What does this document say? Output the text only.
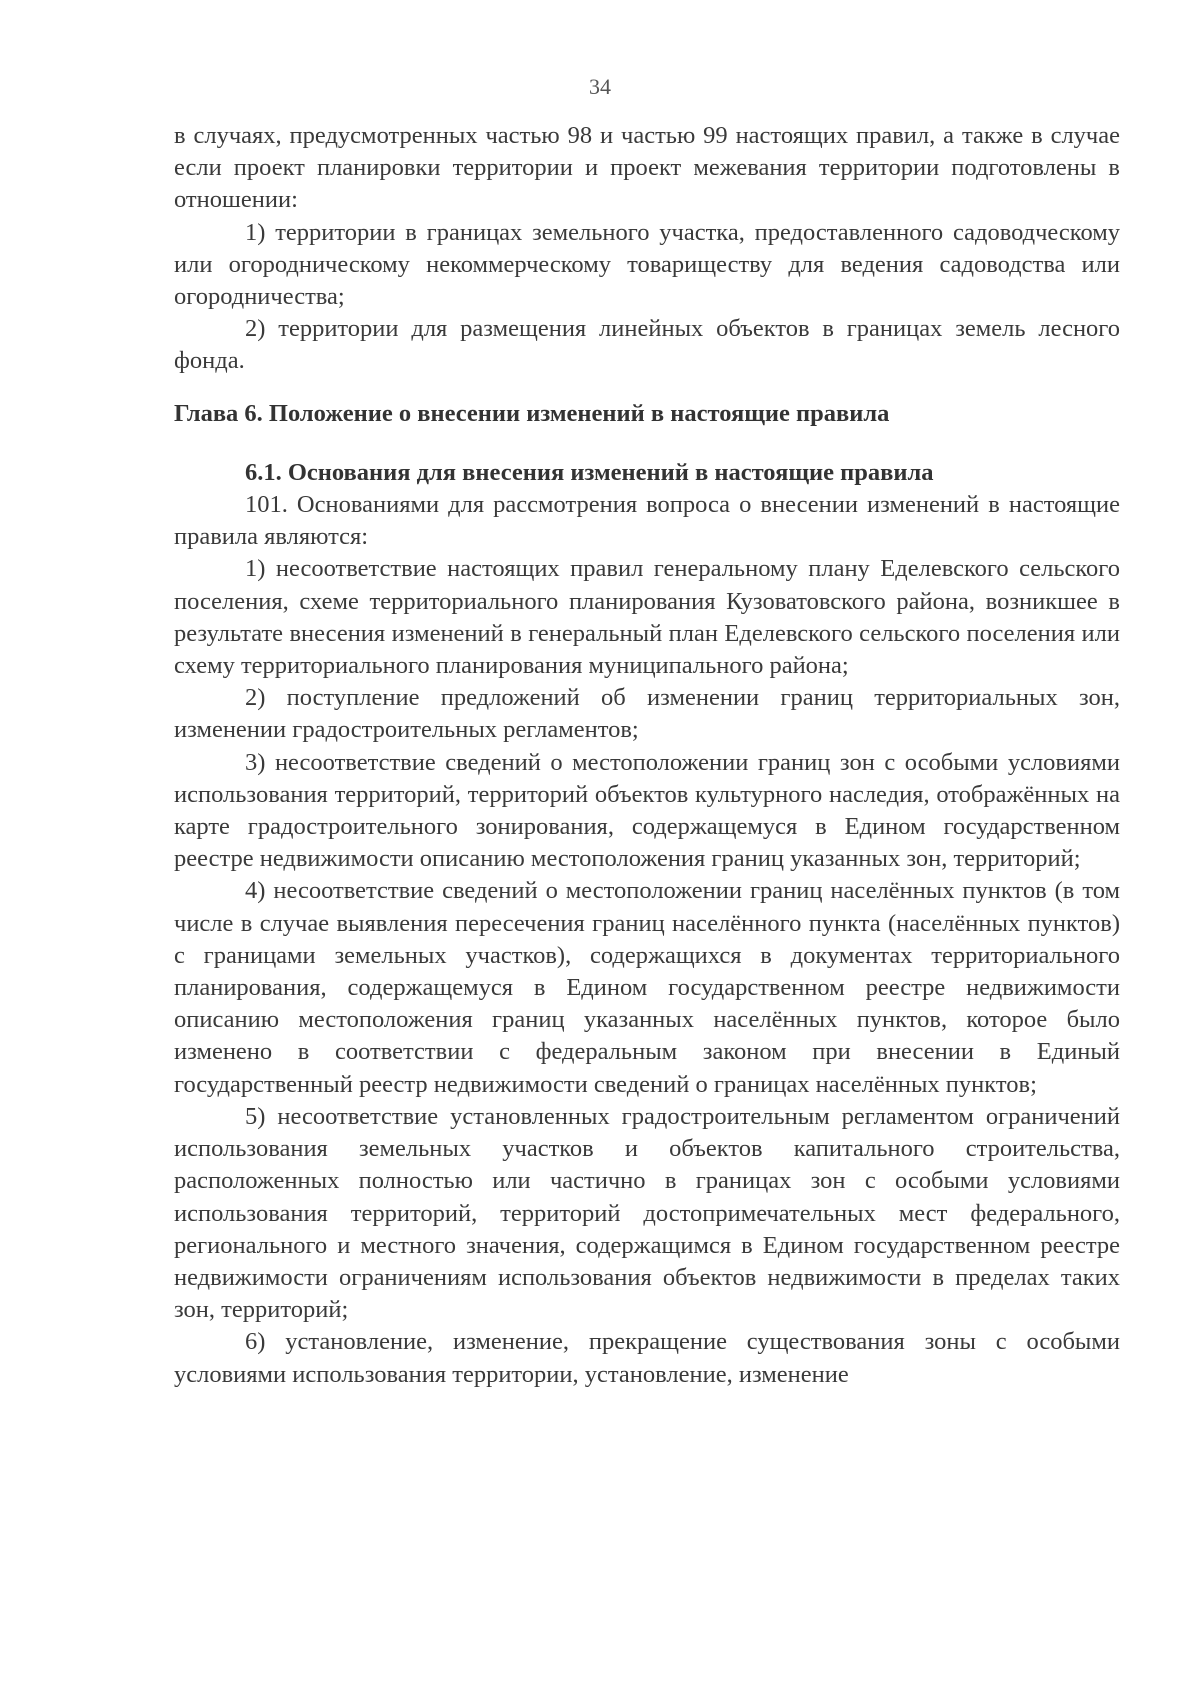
34

в случаях, предусмотренных частью 98 и частью 99 настоящих правил, а также в случае если проект планировки территории и проект межевания территории подготовлены в отношении:

1) территории в границах земельного участка, предоставленного садоводческому или огородническому некоммерческому товариществу для ведения садоводства или огородничества;

2) территории для размещения линейных объектов в границах земель лесного фонда.

Глава 6. Положение о внесении изменений в настоящие правила

6.1. Основания для внесения изменений в настоящие правила

101. Основаниями для рассмотрения вопроса о внесении изменений в настоящие правила являются:

1) несоответствие настоящих правил генеральному плану Еделевского сельского поселения, схеме территориального планирования Кузоватовского района, возникшее в результате внесения изменений в генеральный план Еделевского сельского поселения или схему территориального планирования муниципального района;

2) поступление предложений об изменении границ территориальных зон, изменении градостроительных регламентов;

3) несоответствие сведений о местоположении границ зон с особыми условиями использования территорий, территорий объектов культурного наследия, отображённых на карте градостроительного зонирования, содержащемуся в Едином государственном реестре недвижимости описанию местоположения границ указанных зон, территорий;

4) несоответствие сведений о местоположении границ населённых пунктов (в том числе в случае выявления пересечения границ населённого пункта (населённых пунктов) с границами земельных участков), содержащихся в документах территориального планирования, содержащемуся в Едином государственном реестре недвижимости описанию местоположения границ указанных населённых пунктов, которое было изменено в соответствии с федеральным законом при внесении в Единый государственный реестр недвижимости сведений о границах населённых пунктов;

5) несоответствие установленных градостроительным регламентом ограничений использования земельных участков и объектов капитального строительства, расположенных полностью или частично в границах зон с особыми условиями использования территорий, территорий достопримечательных мест федерального, регионального и местного значения, содержащимся в Едином государственном реестре недвижимости ограничениям использования объектов недвижимости в пределах таких зон, территорий;

6) установление, изменение, прекращение существования зоны с особыми условиями использования территории, установление, изменение
